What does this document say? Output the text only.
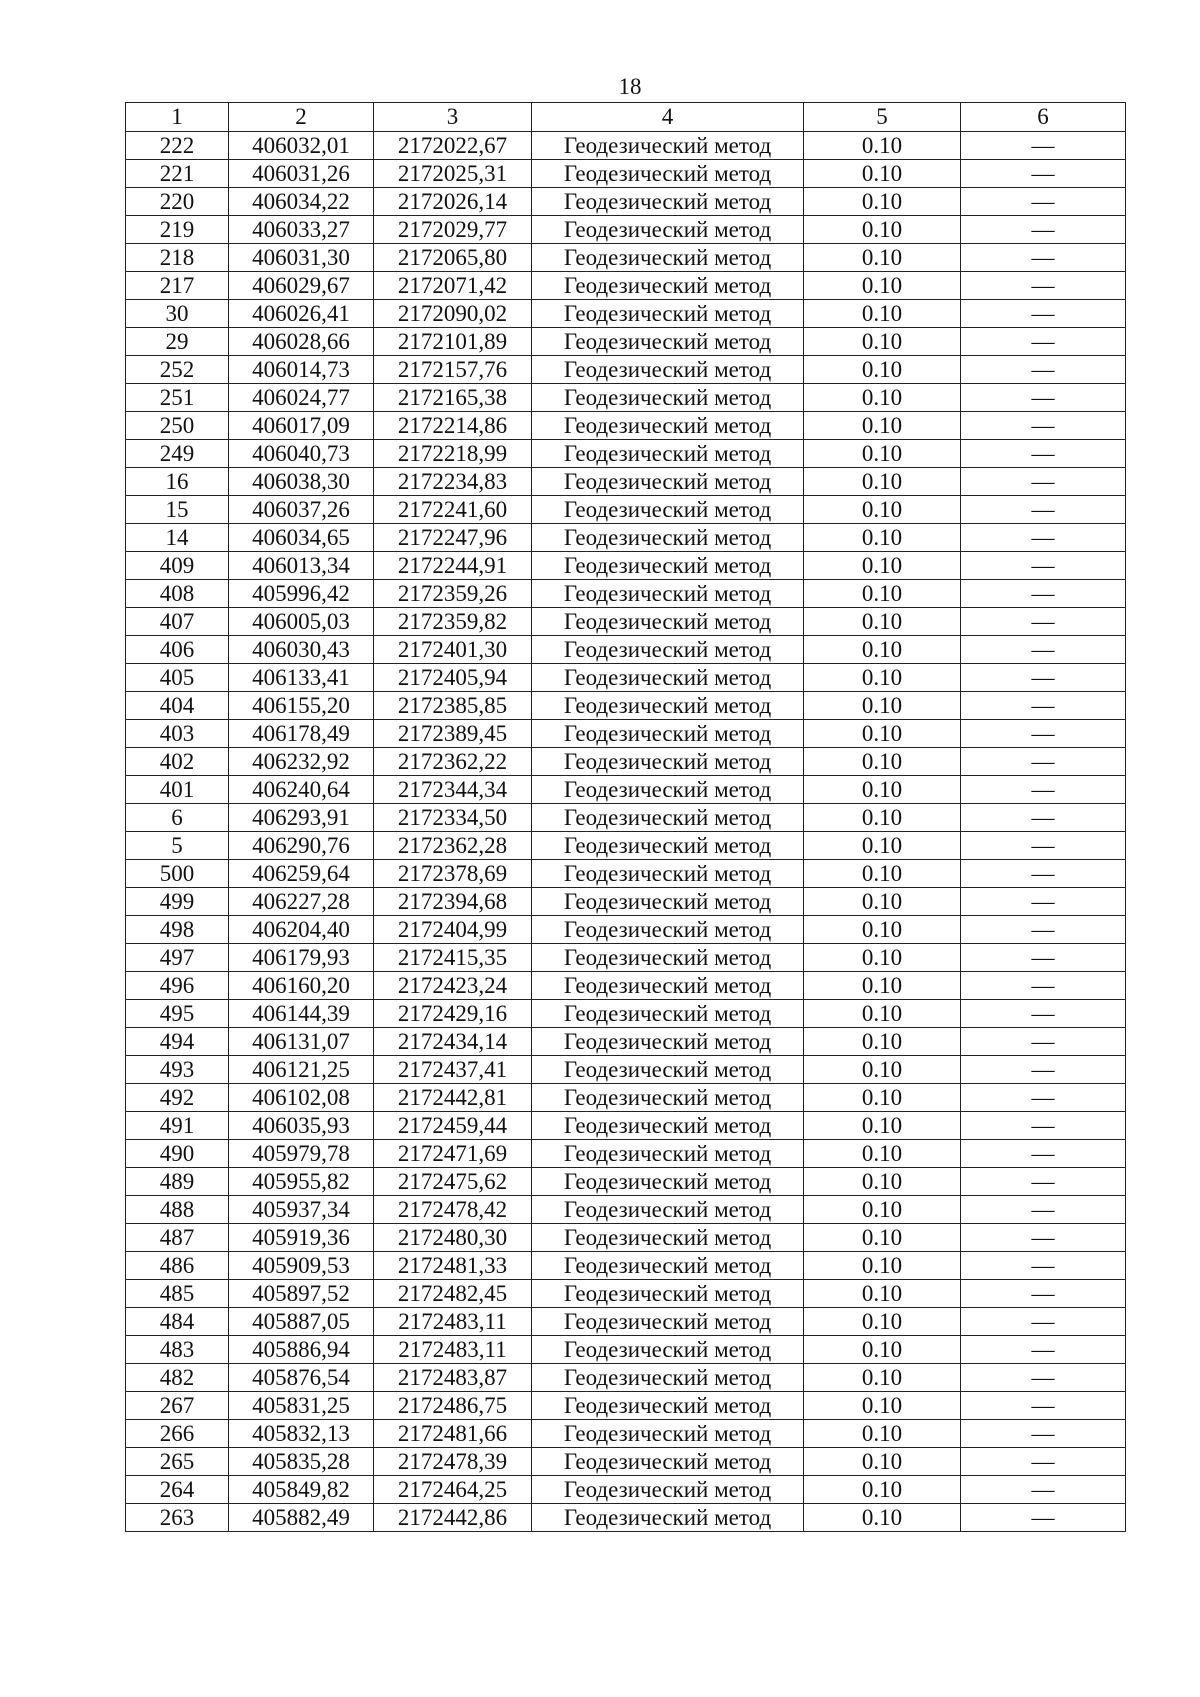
18
1	2	3	4	5	6
222	406032,01	2172022,67	Геодезический метод	0.10	—
221	406031,26	2172025,31	Геодезический метод	0.10	—
220	406034,22	2172026,14	Геодезический метод	0.10	—
219	406033,27	2172029,77	Геодезический метод	0.10	—
218	406031,30	2172065,80	Геодезический метод	0.10	—
217	406029,67	2172071,42	Геодезический метод	0.10	—
30	406026,41	2172090,02	Геодезический метод	0.10	—
29	406028,66	2172101,89	Геодезический метод	0.10	—
252	406014,73	2172157,76	Геодезический метод	0.10	—
251	406024,77	2172165,38	Геодезический метод	0.10	—
250	406017,09	2172214,86	Геодезический метод	0.10	—
249	406040,73	2172218,99	Геодезический метод	0.10	—
16	406038,30	2172234,83	Геодезический метод	0.10	—
15	406037,26	2172241,60	Геодезический метод	0.10	—
14	406034,65	2172247,96	Геодезический метод	0.10	—
409	406013,34	2172244,91	Геодезический метод	0.10	—
408	405996,42	2172359,26	Геодезический метод	0.10	—
407	406005,03	2172359,82	Геодезический метод	0.10	—
406	406030,43	2172401,30	Геодезический метод	0.10	—
405	406133,41	2172405,94	Геодезический метод	0.10	—
404	406155,20	2172385,85	Геодезический метод	0.10	—
403	406178,49	2172389,45	Геодезический метод	0.10	—
402	406232,92	2172362,22	Геодезический метод	0.10	—
401	406240,64	2172344,34	Геодезический метод	0.10	—
6	406293,91	2172334,50	Геодезический метод	0.10	—
5	406290,76	2172362,28	Геодезический метод	0.10	—
500	406259,64	2172378,69	Геодезический метод	0.10	—
499	406227,28	2172394,68	Геодезический метод	0.10	—
498	406204,40	2172404,99	Геодезический метод	0.10	—
497	406179,93	2172415,35	Геодезический метод	0.10	—
496	406160,20	2172423,24	Геодезический метод	0.10	—
495	406144,39	2172429,16	Геодезический метод	0.10	—
494	406131,07	2172434,14	Геодезический метод	0.10	—
493	406121,25	2172437,41	Геодезический метод	0.10	—
492	406102,08	2172442,81	Геодезический метод	0.10	—
491	406035,93	2172459,44	Геодезический метод	0.10	—
490	405979,78	2172471,69	Геодезический метод	0.10	—
489	405955,82	2172475,62	Геодезический метод	0.10	—
488	405937,34	2172478,42	Геодезический метод	0.10	—
487	405919,36	2172480,30	Геодезический метод	0.10	—
486	405909,53	2172481,33	Геодезический метод	0.10	—
485	405897,52	2172482,45	Геодезический метод	0.10	—
484	405887,05	2172483,11	Геодезический метод	0.10	—
483	405886,94	2172483,11	Геодезический метод	0.10	—
482	405876,54	2172483,87	Геодезический метод	0.10	—
267	405831,25	2172486,75	Геодезический метод	0.10	—
266	405832,13	2172481,66	Геодезический метод	0.10	—
265	405835,28	2172478,39	Геодезический метод	0.10	—
264	405849,82	2172464,25	Геодезический метод	0.10	—
263	405882,49	2172442,86	Геодезический метод	0.10	—
